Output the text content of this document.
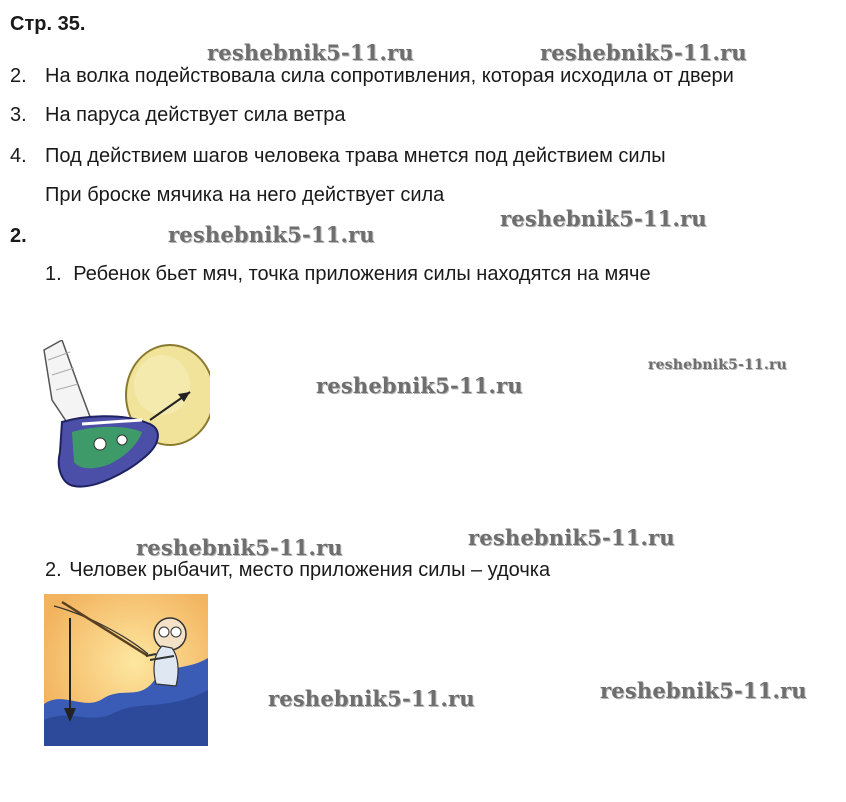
Стр. 35.
reshebnik5-11.ru	reshebnik5-11.ru
2. На волка подействовала сила сопротивления, которая исходила от двери
3. На паруса действует сила ветра
4. Под действием шагов человека трава мнется под действием силы
При броске мячика на него действует сила
2.
reshebnik5-11.ru
reshebnik5-11.ru
1. Ребенок бьет мяч, точка приложения силы находятся на мяче
reshebnik5-11.ru
reshebnik5-11.ru
reshebnik5-11.ru
reshebnik5-11.ru
2. Человек рыбачит, место приложения силы – удочка
reshebnik5-11.ru
reshebnik5-11.ru
